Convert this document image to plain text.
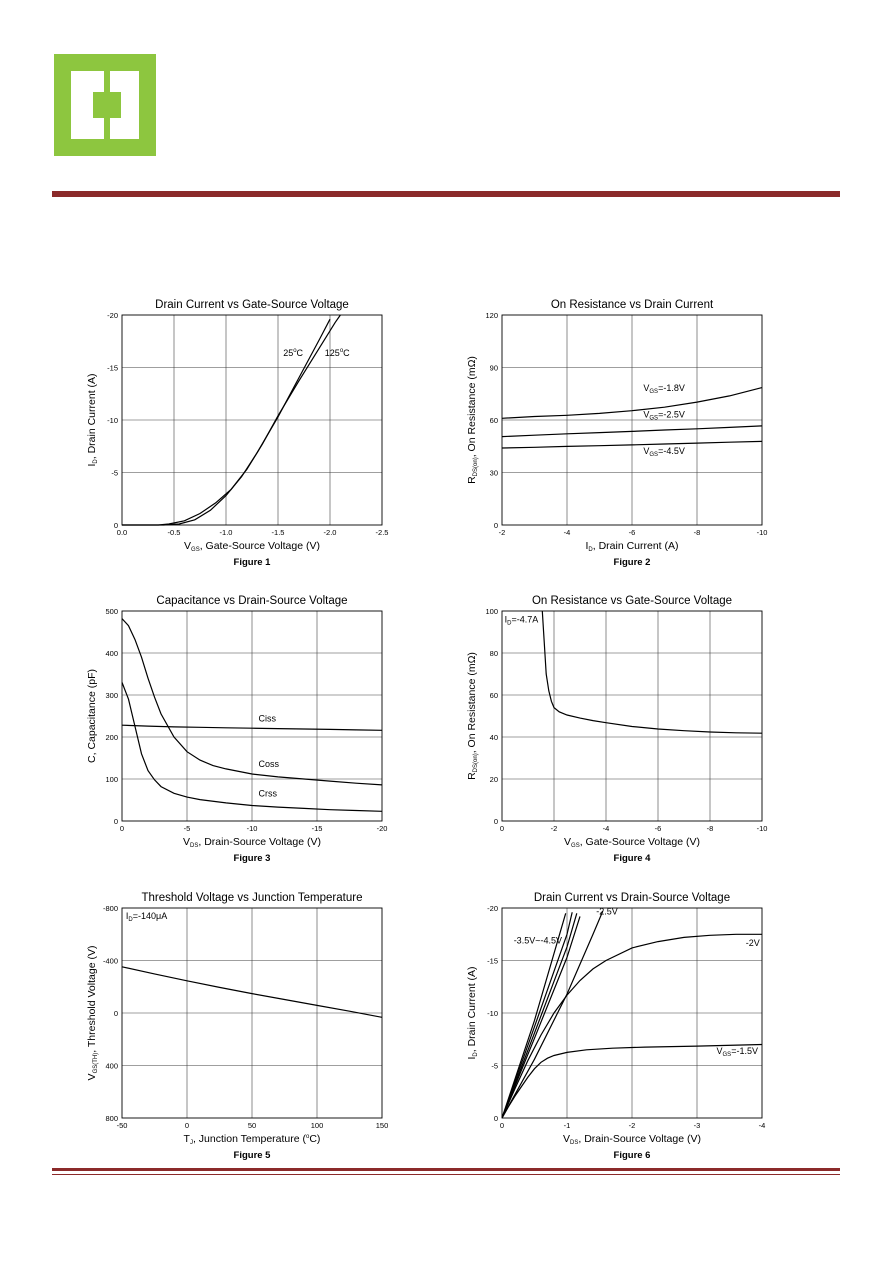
0.0	-0.5	-1.0	-1.5	-2.0	-2.5
0
-5
-10
-15
-20
25$^o$C 125$^o$C
Drain Current vs Gate-Source Voltage
VGS, Gate-Source Voltage (V)
ID, Drain Current (A)
Figure 1
-2	-4	-6	-8	-10
0
30
60
90
120
$V_{GS}=-1.8V$
$V_{GS}=-2.5V$
$V_{GS}=-4.5V$
On Resistance vs Drain Current
ID, Drain Current (A)
RDS(on), On Resistance (mΩ)
Figure 2
0	-5	-10	-15	-20
0
100
200
300
400
500
Ciss
Coss
Crss
Capacitance vs Drain-Source Voltage
VDS, Drain-Source Voltage (V)
C, Capacitance (pF)
Figure 3
0	-2	-4	-6	-8	-10
0
20
40
60
80
100
$I_D=-4.7A$
On Resistance vs Gate-Source Voltage
VGS, Gate-Source Voltage (V)
RDS(on), On Resistance (mΩ)
Figure 4
-50	0	50	100	150
800
400
0
-400
-800
$I_D=-140\mu A$
Threshold Voltage vs Junction Temperature
TJ, Junction Temperature ($^o$C)
VGS(TH), Threshold Voltage (V)
Figure 5
0	-1	-2	-3	-4
0
-5
-10
-15
-20	-2.5V
-3.5V~-4.5V	-2V
$V_{GS}=-1.5V$
Drain Current vs Drain-Source Voltage
VDS, Drain-Source Voltage (V)
ID, Drain Current (A)
Figure 6
